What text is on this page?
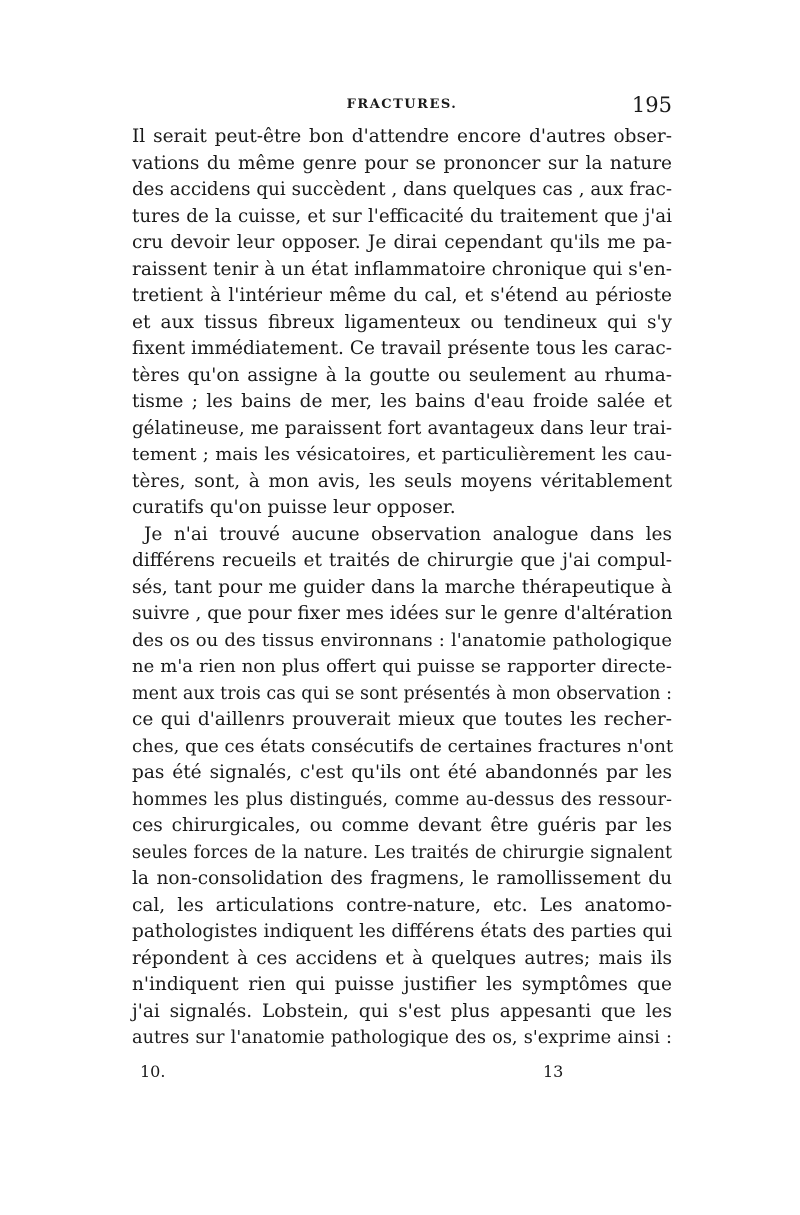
FRACTURES.	195
Il serait peut-être bon d'attendre encore d'autres obser-
vations du même genre pour se prononcer sur la nature
des accidens qui succèdent , dans quelques cas , aux frac-
tures de la cuisse, et sur l'efficacité du traitement que j'ai
cru devoir leur opposer. Je dirai cependant qu'ils me pa-
raissent tenir à un état inflammatoire chronique qui s'en-
tretient à l'intérieur même du cal, et s'étend au périoste
et aux tissus fibreux ligamenteux ou tendineux qui s'y
fixent immédiatement. Ce travail présente tous les carac-
tères qu'on assigne à la goutte ou seulement au rhuma-
tisme ; les bains de mer, les bains d'eau froide salée et
gélatineuse, me paraissent fort avantageux dans leur trai-
tement ; mais les vésicatoires, et particulièrement les cau-
tères, sont, à mon avis, les seuls moyens véritablement
curatifs qu'on puisse leur opposer.
Je n'ai trouvé aucune observation analogue dans les
différens recueils et traités de chirurgie que j'ai compul-
sés, tant pour me guider dans la marche thérapeutique à
suivre , que pour fixer mes idées sur le genre d'altération
des os ou des tissus environnans : l'anatomie pathologique
ne m'a rien non plus offert qui puisse se rapporter directe-
ment aux trois cas qui se sont présentés à mon observation :
ce qui d'aillenrs prouverait mieux que toutes les recher-
ches, que ces états consécutifs de certaines fractures n'ont
pas été signalés, c'est qu'ils ont été abandonnés par les
hommes les plus distingués, comme au-dessus des ressour-
ces chirurgicales, ou comme devant être guéris par les
seules forces de la nature. Les traités de chirurgie signalent
la non-consolidation des fragmens, le ramollissement du
cal, les articulations contre-nature, etc. Les anatomo-
pathologistes indiquent les différens états des parties qui
répondent à ces accidens et à quelques autres; mais ils
n'indiquent rien qui puisse justifier les symptômes que
j'ai signalés. Lobstein, qui s'est plus appesanti que les
autres sur l'anatomie pathologique des os, s'exprime ainsi :
10.	13
